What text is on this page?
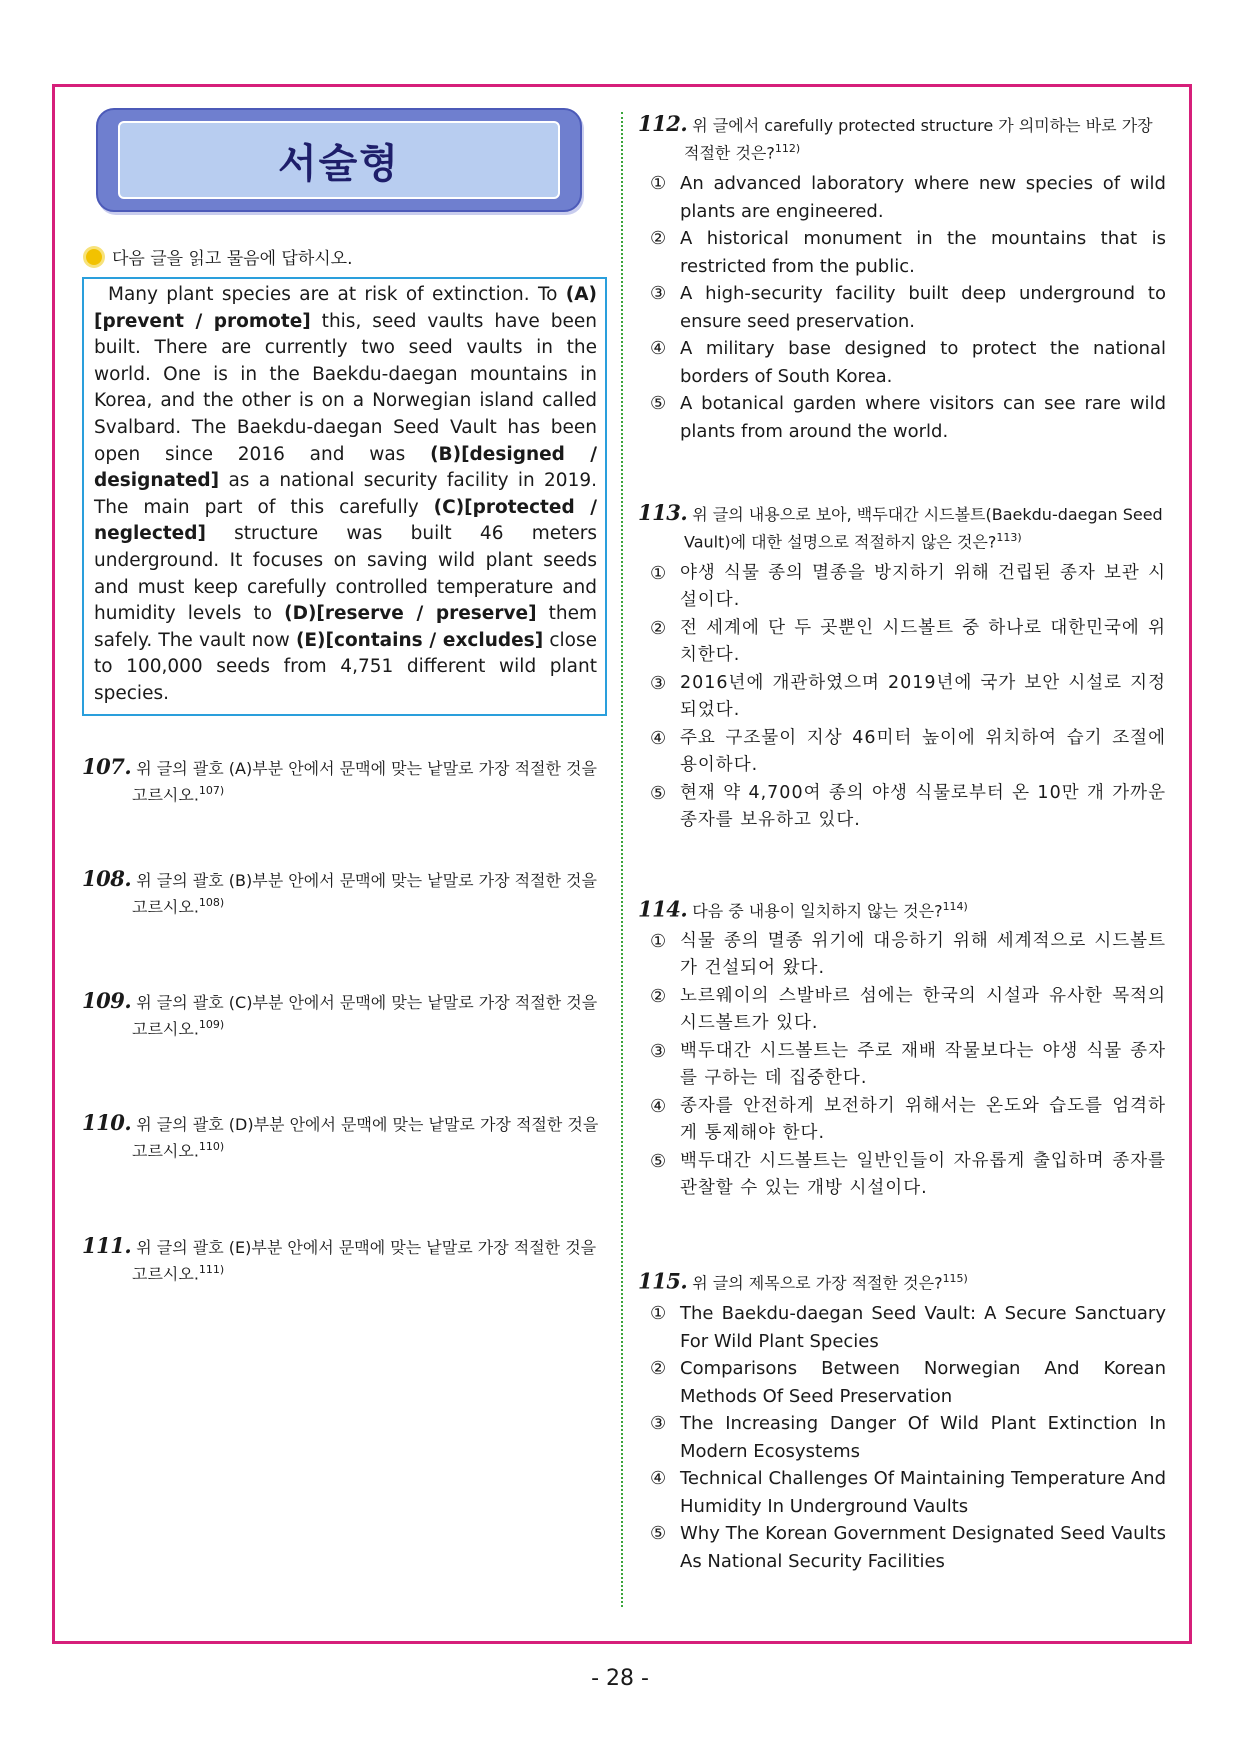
서술형
다음 글을 읽고 물음에 답하시오.
Many plant species are at risk of extinction. To (A)[prevent / promote] this, seed vaults have been built. There are currently two seed vaults in the world. One is in the Baekdu-daegan mountains in Korea, and the other is on a Norwegian island called Svalbard. The Baekdu-daegan Seed Vault has been open since 2016 and was (B)[designed / designated] as a national security facility in 2019. The main part of this carefully (C)[protected / neglected] structure was built 46 meters underground. It focuses on saving wild plant seeds and must keep carefully controlled temperature and humidity levels to (D)[reserve / preserve] them safely. The vault now (E)[contains / excludes] close to 100,000 seeds from 4,751 different wild plant species.
107. 위 글의 괄호 (A)부분 안에서 문맥에 맞는 낱말로 가장 적절한 것을 고르시오.$^{107)}$
108. 위 글의 괄호 (B)부분 안에서 문맥에 맞는 낱말로 가장 적절한 것을 고르시오.$^{108)}$
109. 위 글의 괄호 (C)부분 안에서 문맥에 맞는 낱말로 가장 적절한 것을 고르시오.$^{109)}$
110. 위 글의 괄호 (D)부분 안에서 문맥에 맞는 낱말로 가장 적절한 것을 고르시오.$^{110)}$
111. 위 글의 괄호 (E)부분 안에서 문맥에 맞는 낱말로 가장 적절한 것을 고르시오.$^{111)}$
112. 위 글에서 carefully protected structure 가 의미하는 바로 가장 적절한 것은?$^{112)}$
① An advanced laboratory where new species of wild plants are engineered.
② A historical monument in the mountains that is restricted from the public.
③ A high-security facility built deep underground to ensure seed preservation.
④ A military base designed to protect the national borders of South Korea.
⑤ A botanical garden where visitors can see rare wild plants from around the world.
113. 위 글의 내용으로 보아, 백두대간 시드볼트(Baekdu-daegan Seed Vault)에 대한 설명으로 적절하지 않은 것은?$^{113)}$
① 야생 식물 종의 멸종을 방지하기 위해 건립된 종자 보관 시설이다.
② 전 세계에 단 두 곳뿐인 시드볼트 중 하나로 대한민국에 위치한다.
③ 2016년에 개관하였으며 2019년에 국가 보안 시설로 지정되었다.
④ 주요 구조물이 지상 46미터 높이에 위치하여 습기 조절에 용이하다.
⑤ 현재 약 4,700여 종의 야생 식물로부터 온 10만 개 가까운 종자를 보유하고 있다.
114. 다음 중 내용이 일치하지 않는 것은?$^{114)}$
① 식물 종의 멸종 위기에 대응하기 위해 세계적으로 시드볼트가 건설되어 왔다.
② 노르웨이의 스발바르 섬에는 한국의 시설과 유사한 목적의 시드볼트가 있다.
③ 백두대간 시드볼트는 주로 재배 작물보다는 야생 식물 종자를 구하는 데 집중한다.
④ 종자를 안전하게 보전하기 위해서는 온도와 습도를 엄격하게 통제해야 한다.
⑤ 백두대간 시드볼트는 일반인들이 자유롭게 출입하며 종자를 관찰할 수 있는 개방 시설이다.
115. 위 글의 제목으로 가장 적절한 것은?$^{115)}$
① The Baekdu-daegan Seed Vault: A Secure Sanctuary For Wild Plant Species
② Comparisons Between Norwegian And Korean Methods Of Seed Preservation
③ The Increasing Danger Of Wild Plant Extinction In Modern Ecosystems
④ Technical Challenges Of Maintaining Temperature And Humidity In Underground Vaults
⑤ Why The Korean Government Designated Seed Vaults As National Security Facilities
- 28 -
